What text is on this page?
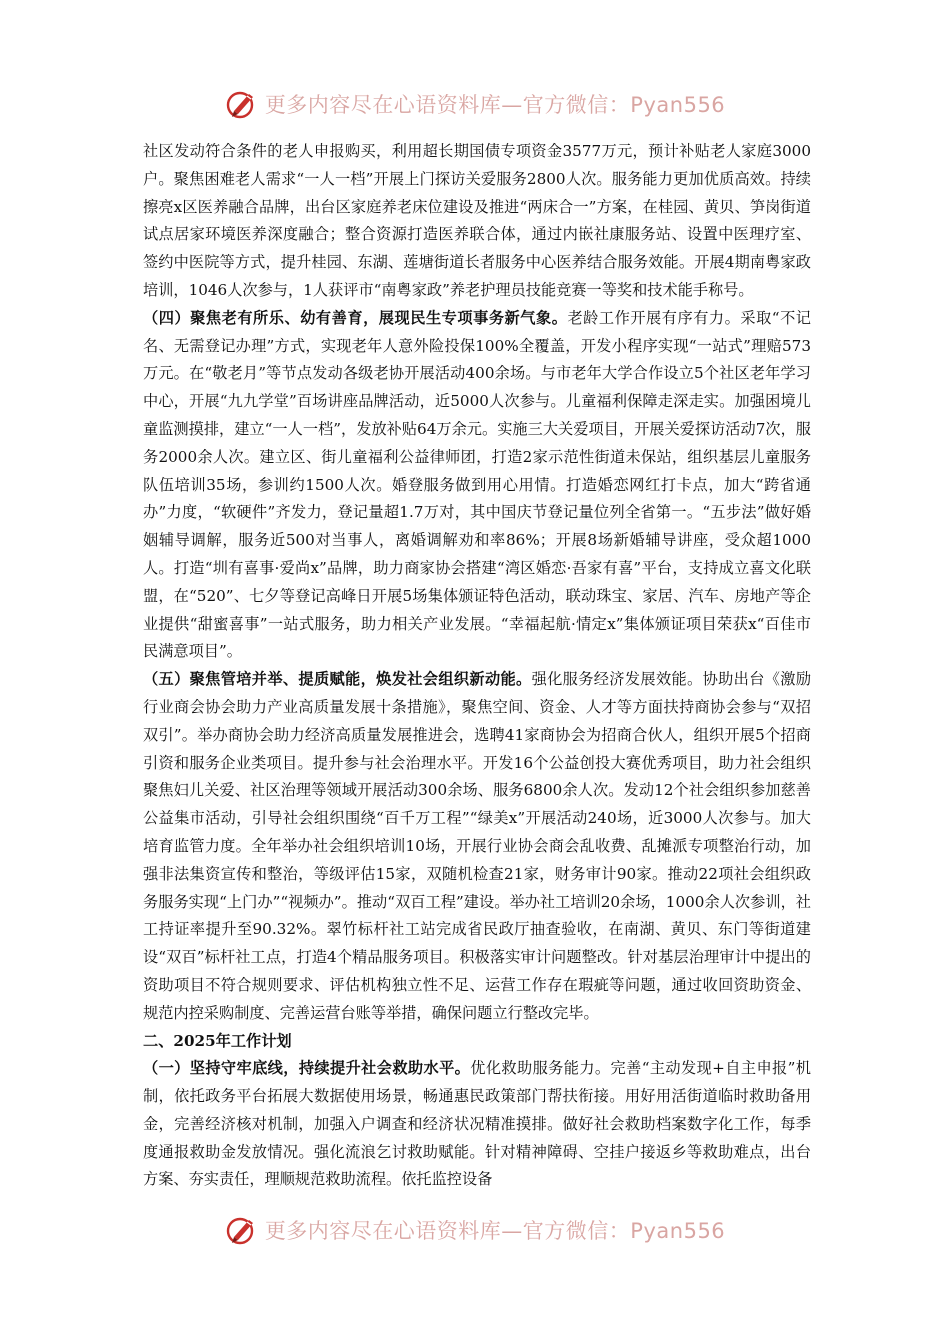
更多内容尽在心语资料库—官方微信：Pyan556

社区发动符合条件的老人申报购买，利用超长期国债专项资金3577万元，预计补贴老人家庭3000户。聚焦困难老人需求“一人一档”开展上门探访关爱服务2800人次。服务能力更加优质高效。持续擦亮x区医养融合品牌，出台区家庭养老床位建设及推进“两床合一”方案，在桂园、黄贝、笋岗街道试点居家环境医养深度融合；整合资源打造医养联合体，通过内嵌社康服务站、设置中医理疗室、签约中医院等方式，提升桂园、东湖、莲塘街道长者服务中心医养结合服务效能。开展4期南粤家政培训，1046人次参与，1人获评市“南粤家政”养老护理员技能竞赛一等奖和技术能手称号。

（四）聚焦老有所乐、幼有善育，展现民生专项事务新气象。老龄工作开展有序有力。采取“不记名、无需登记办理”方式，实现老年人意外险投保100%全覆盖，开发小程序实现“一站式”理赔573万元。在“敬老月”等节点发动各级老协开展活动400余场。与市老年大学合作设立5个社区老年学习中心，开展“九九学堂”百场讲座品牌活动，近5000人次参与。儿童福利保障走深走实。加强困境儿童监测摸排，建立“一人一档”，发放补贴64万余元。实施三大关爱项目，开展关爱探访活动7次，服务2000余人次。建立区、街儿童福利公益律师团，打造2家示范性街道未保站，组织基层儿童服务队伍培训35场，参训约1500人次。婚登服务做到用心用情。打造婚恋网红打卡点，加大“跨省通办”力度，“软硬件”齐发力，登记量超1.7万对，其中国庆节登记量位列全省第一。“五步法”做好婚姻辅导调解，服务近500对当事人，离婚调解劝和率86%；开展8场新婚辅导讲座，受众超1000人。打造“圳有喜事·爱尚x”品牌，助力商家协会搭建“湾区婚恋·吾家有喜”平台，支持成立喜文化联盟，在“520”、七夕等登记高峰日开展5场集体颁证特色活动，联动珠宝、家居、汽车、房地产等企业提供“甜蜜喜事”一站式服务，助力相关产业发展。“幸福起航·情定x”集体颁证项目荣获x“百佳市民满意项目”。

（五）聚焦管培并举、提质赋能，焕发社会组织新动能。强化服务经济发展效能。协助出台《激励行业商会协会助力产业高质量发展十条措施》，聚焦空间、资金、人才等方面扶持商协会参与“双招双引”。举办商协会助力经济高质量发展推进会，选聘41家商协会为招商合伙人，组织开展5个招商引资和服务企业类项目。提升参与社会治理水平。开发16个公益创投大赛优秀项目，助力社会组织聚焦妇儿关爱、社区治理等领域开展活动300余场、服务6800余人次。发动12个社会组织参加慈善公益集市活动，引导社会组织围绕“百千万工程”“绿美x”开展活动240场，近3000人次参与。加大培育监管力度。全年举办社会组织培训10场，开展行业协会商会乱收费、乱摊派专项整治行动，加强非法集资宣传和整治，等级评估15家，双随机检查21家，财务审计90家。推动22项社会组织政务服务实现“上门办”“视频办”。推动“双百工程”建设。举办社工培训20余场，1000余人次参训，社工持证率提升至90.32%。翠竹标杆社工站完成省民政厅抽查验收，在南湖、黄贝、东门等街道建设“双百”标杆社工点，打造4个精品服务项目。积极落实审计问题整改。针对基层治理审计中提出的资助项目不符合规则要求、评估机构独立性不足、运营工作存在瑕疵等问题，通过收回资助资金、规范内控采购制度、完善运营台账等举措，确保问题立行整改完毕。

二、2025年工作计划

（一）坚持守牢底线，持续提升社会救助水平。优化救助服务能力。完善“主动发现+自主申报”机制，依托政务平台拓展大数据使用场景，畅通惠民政策部门帮扶衔接。用好用活街道临时救助备用金，完善经济核对机制，加强入户调查和经济状况精准摸排。做好社会救助档案数字化工作，每季度通报救助金发放情况。强化流浪乞讨救助赋能。针对精神障碍、空挂户接返乡等救助难点，出台方案、夯实责任，理顺规范救助流程。依托监控设备

更多内容尽在心语资料库—官方微信：Pyan556
